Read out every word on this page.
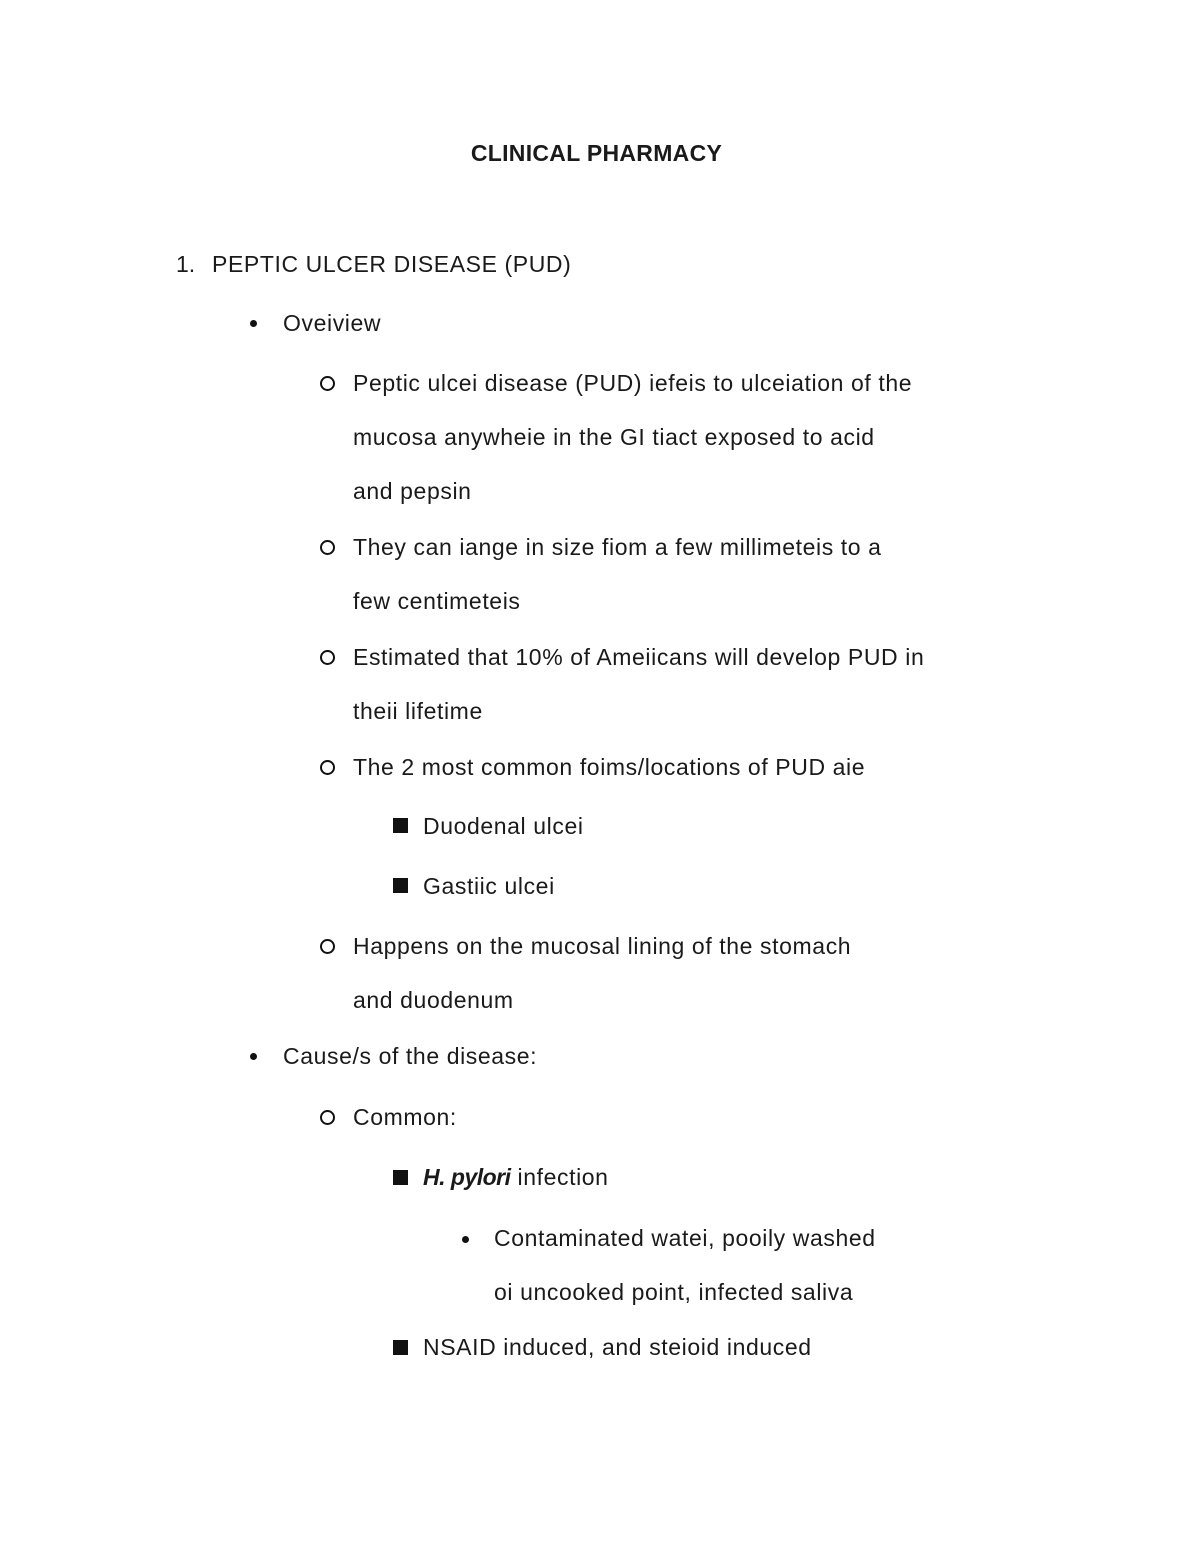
CLINICAL PHARMACY
1. PEPTIC ULCER DISEASE (PUD)
Oveiview
Peptic ulcei disease (PUD) iefeis to ulceiation of the
mucosa anywheie in the GI tiact exposed to acid
and pepsin
They can iange in size fiom a few millimeteis to a
few centimeteis
Estimated that 10% of Ameiicans will develop PUD in
theii lifetime
The 2 most common foims/locations of PUD aie
Duodenal ulcei
Gastiic ulcei
Happens on the mucosal lining of the stomach
and duodenum
Cause/s of the disease:
Common:
H. pylori infection
Contaminated watei, pooily washed
oi uncooked point, infected saliva
NSAID induced, and steioid induced
